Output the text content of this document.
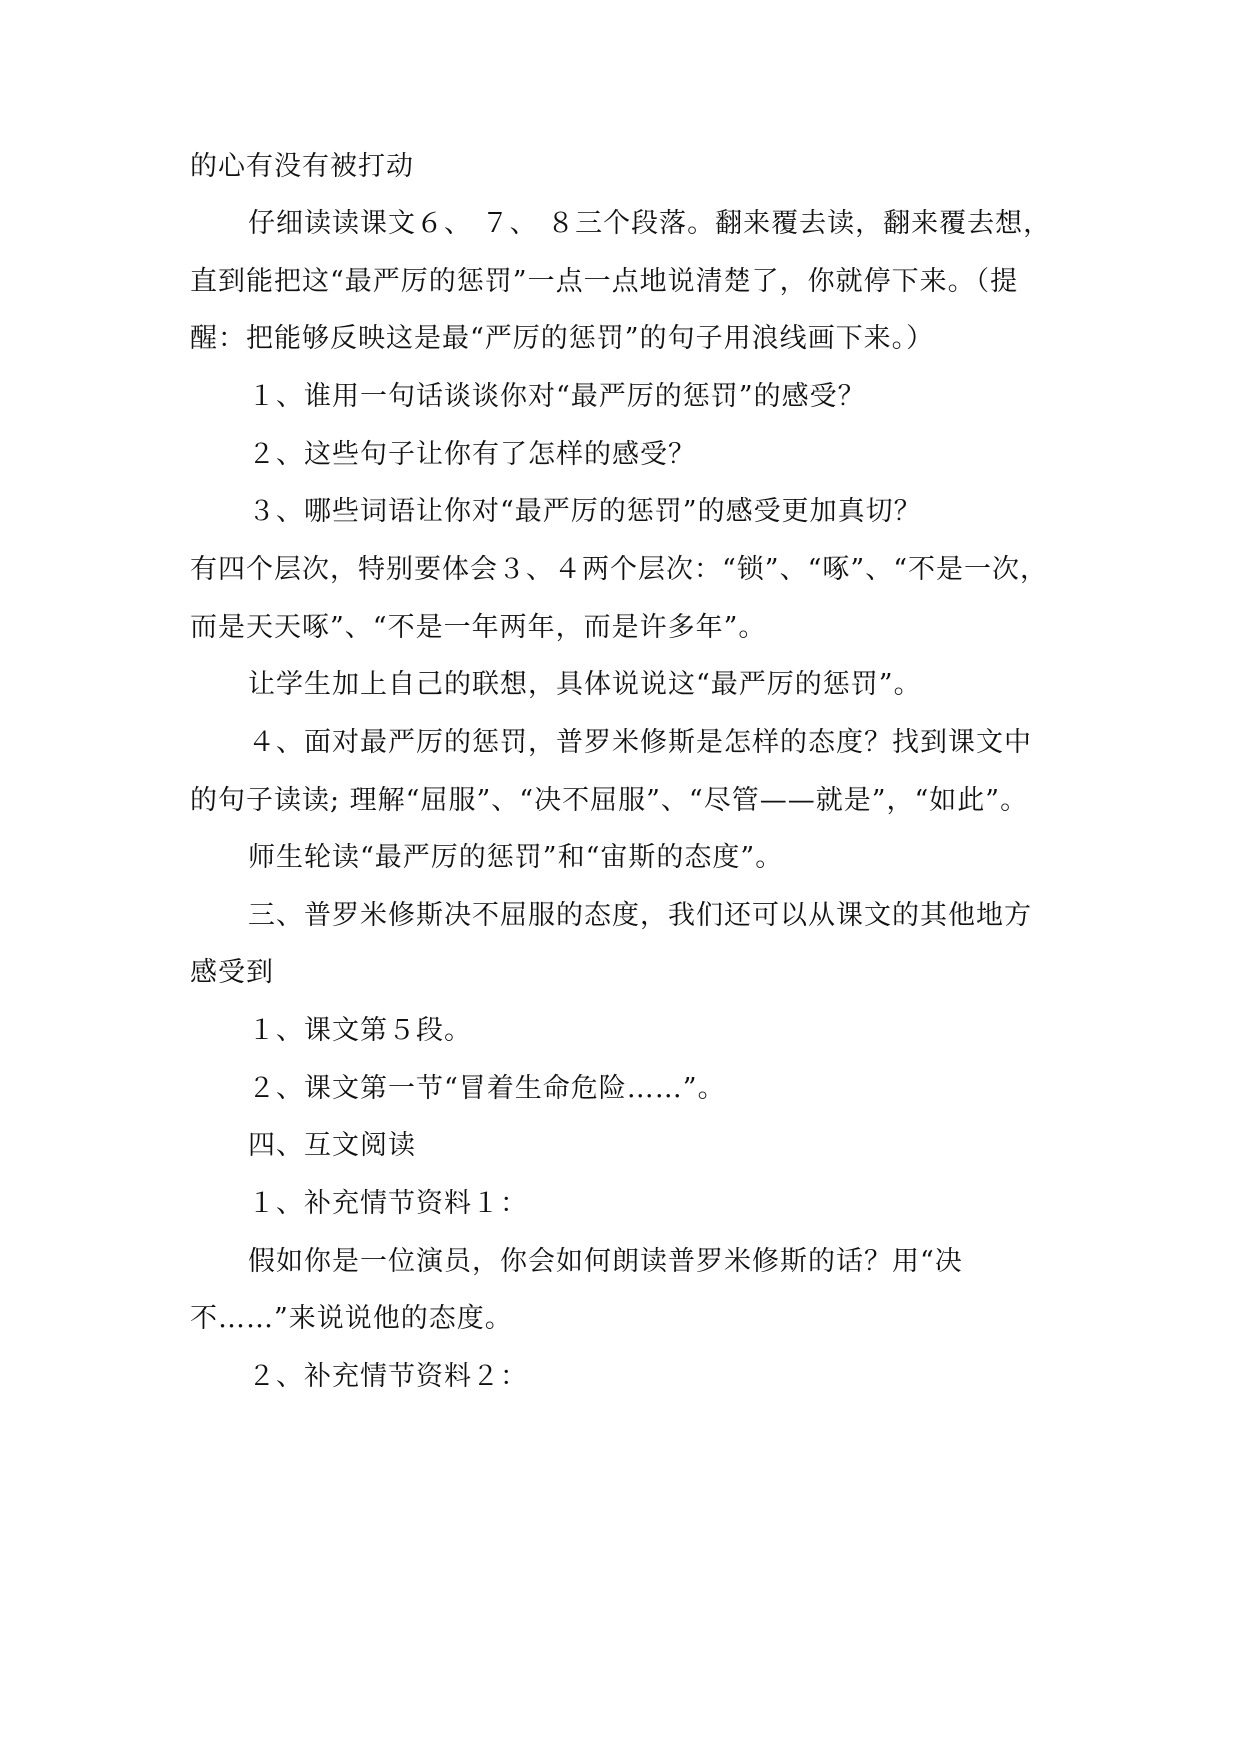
的心有没有被打动
仔细读读课文６、 ７、 ８三个段落。翻来覆去读，翻来覆去想，
直到能把这“最严厉的惩罚”一点一点地说清楚了，你就停下来。（提
醒：把能够反映这是最“严厉的惩罚”的句子用浪线画下来。）
１、谁用一句话谈谈你对“最严厉的惩罚”的感受？
２、这些句子让你有了怎样的感受？
３、哪些词语让你对“最严厉的惩罚”的感受更加真切？
有四个层次，特别要体会３、４两个层次：“锁”、“啄”、“不是一次，
而是天天啄”、“不是一年两年，而是许多年”。
让学生加上自己的联想，具体说说这“最严厉的惩罚”。
４、面对最严厉的惩罚，普罗米修斯是怎样的态度？找到课文中
的句子读读; 理解“屈服”、“决不屈服”、“尽管——就是”，“如此”。
师生轮读“最严厉的惩罚”和“宙斯的态度”。
三、普罗米修斯决不屈服的态度，我们还可以从课文的其他地方
感受到
１、课文第５段。
２、课文第一节“冒着生命危险……”。
四、互文阅读
１、补充情节资料１：
假如你是一位演员，你会如何朗读普罗米修斯的话？用“决
不……”来说说他的态度。
２、补充情节资料２：
